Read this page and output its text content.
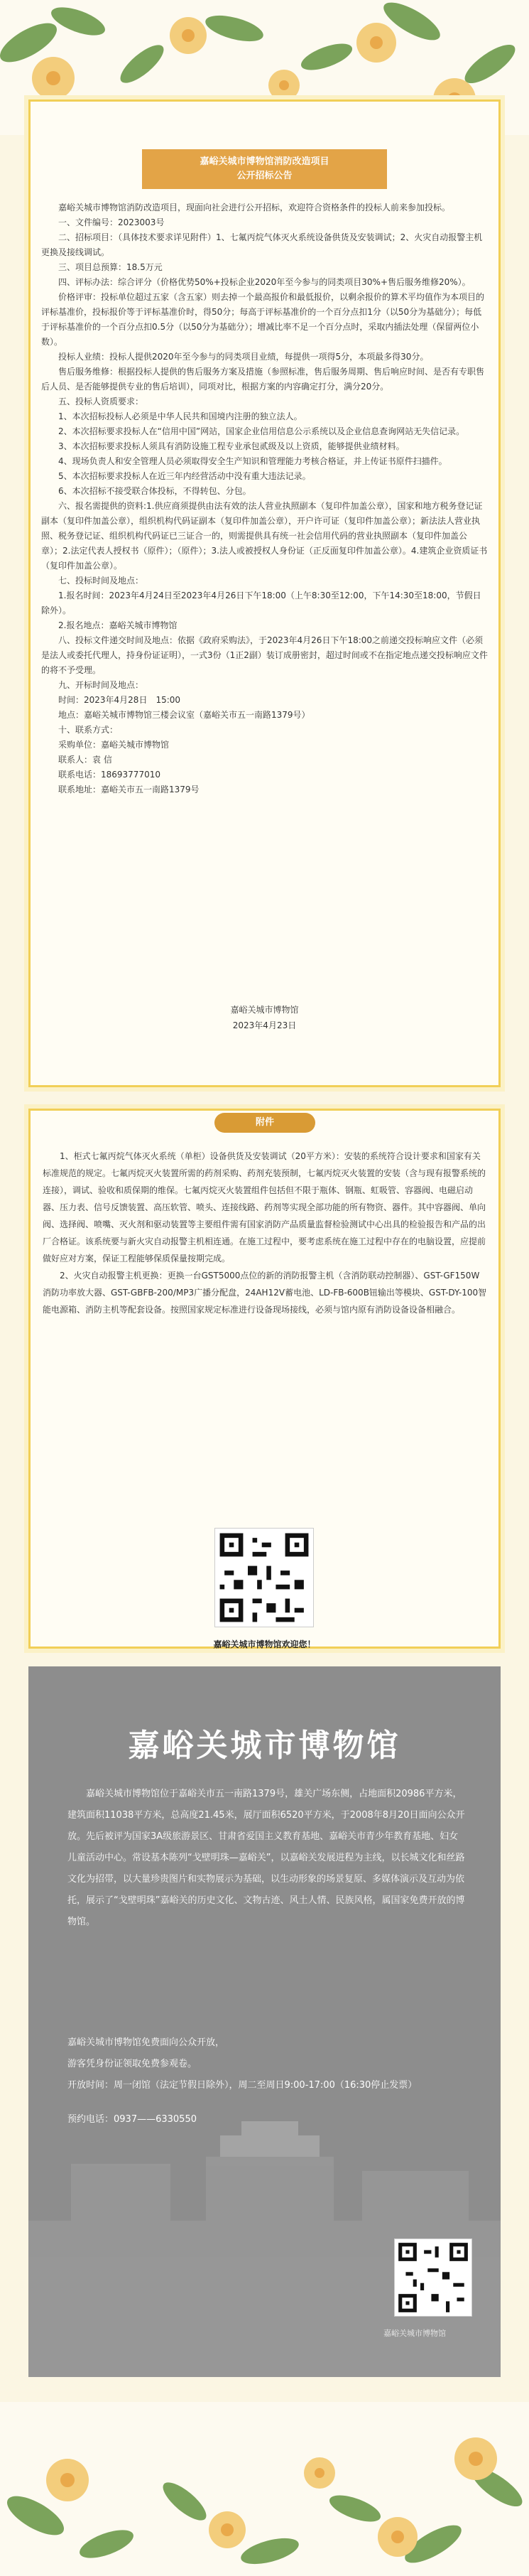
嘉峪关城市博物馆消防改造项目
公开招标公告

嘉峪关城市博物馆消防改造项目，现面向社会进行公开招标，欢迎符合资格条件的投标人前来参加投标。

一、文件编号：2023003号

二、招标项目：（具体技术要求详见附件）1、七氟丙烷气体灭火系统设备供货及安装调试；2、火灾自动报警主机更换及接线调试。

三、项目总预算：18.5万元

四、评标办法：综合评分（价格优势50%+投标企业2020年至今参与的同类项目30%+售后服务维修20%）。

价格评审：投标单位超过五家（含五家）则去掉一个最高报价和最低报价，以剩余报价的算术平均值作为本项目的评标基准价，投标报价等于评标基准价时，得50分；每高于评标基准价的一个百分点扣1分（以50分为基础分）；每低于评标基准价的一个百分点扣0.5分（以50分为基础分）；增减比率不足一个百分点时，采取内插法处理（保留两位小数）。

投标人业绩：投标人提供2020年至今参与的同类项目业绩，每提供一项得5分，本项最多得30分。

售后服务维修：根据投标人提供的售后服务方案及措施（参照标准，售后服务周期、售后响应时间、是否有专职售后人员、是否能够提供专业的售后培训），同项对比，根据方案的内容确定打分，满分20分。

五、投标人资质要求：

1、本次招标投标人必须是中华人民共和国境内注册的独立法人。

2、本次招标要求投标人在“信用中国”网站，国家企业信用信息公示系统以及企业信息查询网站无失信记录。

3、本次招标要求投标人须具有消防设施工程专业承包贰级及以上资质，能够提供业绩材料。

4、现场负责人和安全管理人员必须取得安全生产知识和管理能力考核合格证，并上传证书原件扫描件。

5、本次招标要求投标人在近三年内经营活动中没有重大违法记录。

6、本次招标不接受联合体投标，不得转包、分包。

六、报名需提供的资料:1.供应商须提供由法有效的法人营业执照副本（复印件加盖公章），国家和地方税务登记证副本（复印件加盖公章），组织机构代码证副本（复印件加盖公章），开户许可证（复印件加盖公章）；新法法人营业执照、税务登记证、组织机构代码证已三证合一的，则需提供具有统一社会信用代码的营业执照副本（复印件加盖公章）；2.法定代表人授权书（原件）；（原件）；3.法人或被授权人身份证（正反面复印件加盖公章）。4.建筑企业资质证书（复印件加盖公章）。

七、投标时间及地点：

1.报名时间：2023年4月24日至2023年4月26日下午18:00（上午8:30至12:00，下午14:30至18:00，节假日除外）。

2.报名地点：嘉峪关城市博物馆

八、投标文件递交时间及地点：依据《政府采购法》，于2023年4月26日下午18:00之前递交投标响应文件（必须是法人或委托代理人，持身份证证明），一式3份（1正2副）装订成册密封，超过时间或不在指定地点递交投标响应文件的将不予受理。

九、开标时间及地点：

时间：2023年4月28日　15:00

地点：嘉峪关城市博物馆三楼会议室（嘉峪关市五一南路1379号）

十、联系方式：

采购单位：嘉峪关城市博物馆

联系人：袁 信

联系电话：18693777010

联系地址：嘉峪关市五一南路1379号

嘉峪关城市博物馆
2023年4月23日
附件

1、柜式七氟丙烷气体灭火系统（单柜）设备供货及安装调试（20平方米）：安装的系统符合设计要求和国家有关标准规范的规定。七氟丙烷灭火装置所需的药剂采购、药剂充装预制，七氟丙烷灭火装置的安装（含与现有报警系统的连接），调试、验收和质保期的维保。七氟丙烷灭火装置组件包括但不限于瓶体、钢瓶、虹吸管、容器阀、电磁启动器、压力表、信号反馈装置、高压软管、喷头、连接线路、药剂等实现全部功能的所有物资、器件。其中容器阀、单向阀、选择阀、喷嘴、灭火剂和驱动装置等主要组件需有国家消防产品质量监督检验测试中心出具的检验报告和产品的出厂合格证。该系统要与新火灾自动报警主机相连通。在施工过程中，要考虑系统在施工过程中存在的电脑设置，应提前做好应对方案，保证工程能够保质保量按期完成。

2、火灾自动报警主机更换：更换一台GST5000点位的新的消防报警主机（含消防联动控制器）、GST-GF150W消防功率放大器、GST-GBFB-200/MP3广播分配盘，24AH12V蓄电池、LD-FB-600B钮输出等模块、GST-DY-100智能电源箱、消防主机等配套设备。按照国家规定标准进行设备现场接线，必须与馆内原有消防设备设备相融合。

嘉峪关城市博物馆欢迎您！
嘉峪关城市博物馆
嘉峪关城市博物馆位于嘉峪关市五一南路1379号，雄关广场东侧，占地面积20986平方米，建筑面积11038平方米，总高度21.45米，展厅面积6520平方米，于2008年8月20日面向公众开放。先后被评为国家3A级旅游景区、甘肃省爱国主义教育基地、嘉峪关市青少年教育基地、妇女儿童活动中心。常设基本陈列“戈壁明珠—嘉峪关”，以嘉峪关发展进程为主线，以长城文化和丝路文化为招带，以大量珍贵图片和实物展示为基础，以生动形象的场景复原、多媒体演示及互动为依托，展示了“戈壁明珠”嘉峪关的历史文化、文物古迹、风土人情、民族风格，属国家免费开放的博物馆。
嘉峪关城市博物馆免费面向公众开放，
游客凭身份证领取免费参观卷。
开放时间：周一闭馆（法定节假日除外），周二至周日9:00-17:00（16:30停止发票）
预约电话：0937——6330550
嘉峪关城市博物馆
